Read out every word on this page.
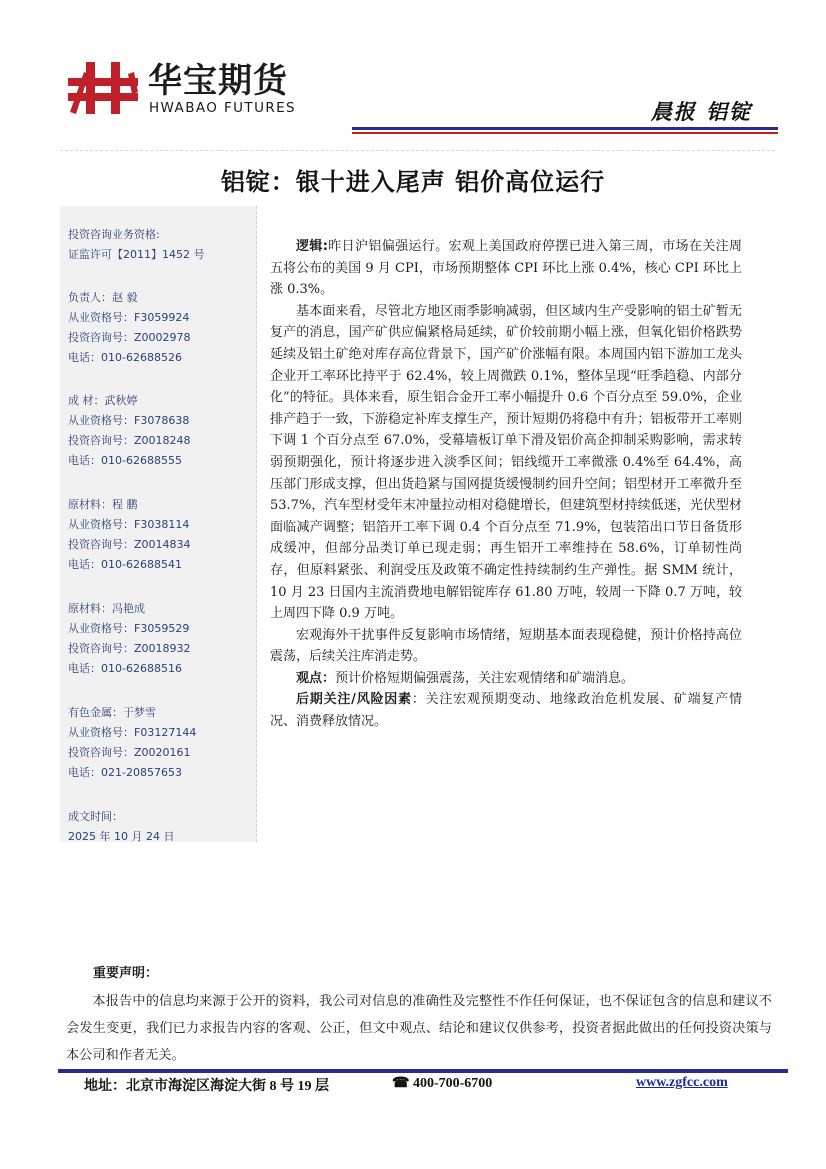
华宝期货
HWABAO FUTURES	晨报 铝锭
铝锭：银十进入尾声 铝价高位运行
投资咨询业务资格:
证监许可【2011】1452 号
负责人：赵 毅
从业资格号：F3059924
投资咨询号：Z0002978
电话：010-62688526
成 材：武秋婷
从业资格号：F3078638
投资咨询号：Z0018248
电话：010-62688555
原材料：程 鹏
从业资格号：F3038114
投资咨询号：Z0014834
电话：010-62688541
原材料：冯艳成
从业资格号：F3059529
投资咨询号：Z0018932
电话：010-62688516
有色金属：于梦雪
从业资格号：F03127144
投资咨询号：Z0020161
电话：021-20857653
成文时间：
2025 年 10 月 24 日

逻辑:昨日沪铝偏强运行。宏观上美国政府停摆已进入第三周，市场在关注周五将公布的美国 9 月 CPI，市场预期整体 CPI 环比上涨 0.4%，核心 CPI 环比上涨 0.3%。

基本面来看，尽管北方地区雨季影响减弱，但区域内生产受影响的铝土矿暂无复产的消息，国产矿供应偏紧格局延续，矿价较前期小幅上涨，但氧化铝价格跌势延续及铝土矿绝对库存高位背景下，国产矿价涨幅有限。本周国内铝下游加工龙头企业开工率环比持平于 62.4%，较上周微跌 0.1%，整体呈现“旺季趋稳、内部分化”的特征。具体来看，原生铝合金开工率小幅提升 0.6 个百分点至 59.0%，企业排产趋于一致，下游稳定补库支撑生产，预计短期仍将稳中有升；铝板带开工率则下调 1 个百分点至 67.0%，受幕墙板订单下滑及铝价高企抑制采购影响，需求转弱预期强化，预计将逐步进入淡季区间；铝线缆开工率微涨 0.4%至 64.4%，高压部门形成支撑，但出货趋紧与国网提货缓慢制约回升空间；铝型材开工率微升至 53.7%，汽车型材受年末冲量拉动相对稳健增长，但建筑型材持续低迷，光伏型材面临减产调整；铝箔开工率下调 0.4 个百分点至 71.9%，包装箔出口节日备货形成缓冲，但部分品类订单已现走弱；再生铝开工率维持在 58.6%，订单韧性尚存，但原料紧张、利润受压及政策不确定性持续制约生产弹性。据 SMM 统计，10 月 23 日国内主流消费地电解铝锭库存 61.80 万吨，较周一下降 0.7 万吨，较上周四下降 0.9 万吨。

宏观海外干扰事件反复影响市场情绪，短期基本面表现稳健，预计价格持高位震荡，后续关注库消走势。

观点：预计价格短期偏强震荡，关注宏观情绪和矿端消息。

后期关注/风险因素：关注宏观预期变动、地缘政治危机发展、矿端复产情况、消费释放情况。

重要声明：

本报告中的信息均来源于公开的资料，我公司对信息的准确性及完整性不作任何保证，也不保证包含的信息和建议不会发生变更，我们已力求报告内容的客观、公正，但文中观点、结论和建议仅供参考，投资者据此做出的任何投资决策与本公司和作者无关。

地址：北京市海淀区海淀大街 8 号 19 层	☎ 400-700-6700	www.zgfcc.com
